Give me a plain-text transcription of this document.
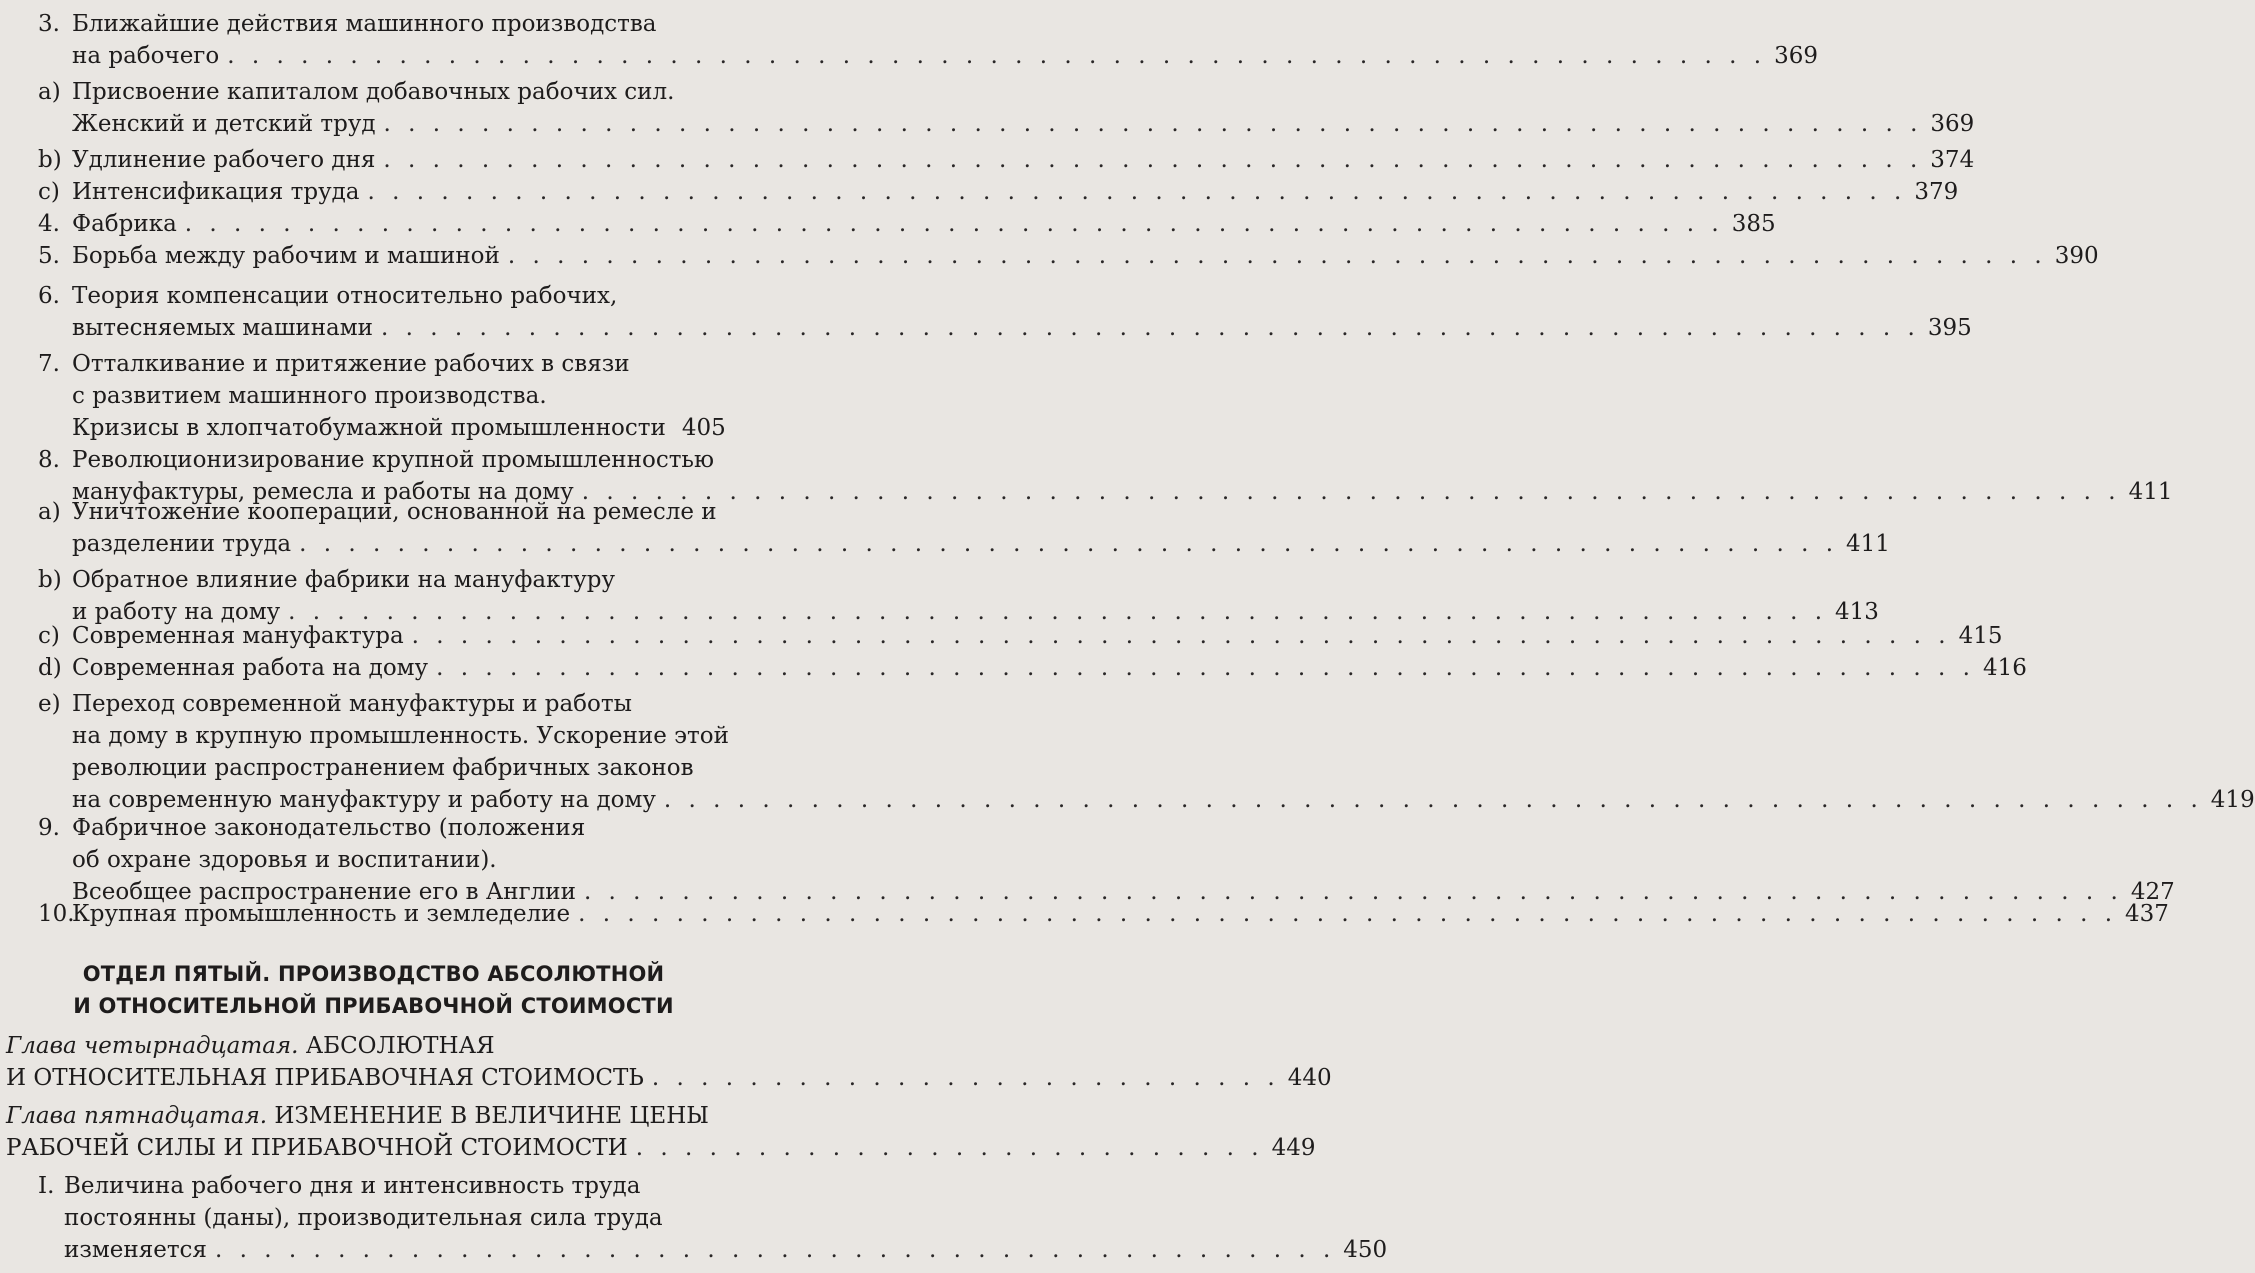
3. Ближайшие действия машинного производства
на рабочего . . . . . . . . . . . . . . . . . . . . . . . . . . . . . . . . . . . . . . . . . . . . . . . . . . . . . . . . . . . . . . . 369
a) Присвоение капиталом добавочных рабочих сил.
Женский и детский труд . . . . . . . . . . . . . . . . . . . . . . . . . . . . . . . . . . . . . . . . . . . . . . . . . . . . . . . . . . . . . . . 369
b) Удлинение рабочего дня . . . . . . . . . . . . . . . . . . . . . . . . . . . . . . . . . . . . . . . . . . . . . . . . . . . . . . . . . . . . . . . 374
c) Интенсификация труда . . . . . . . . . . . . . . . . . . . . . . . . . . . . . . . . . . . . . . . . . . . . . . . . . . . . . . . . . . . . . . . 379
4. Фабрика . . . . . . . . . . . . . . . . . . . . . . . . . . . . . . . . . . . . . . . . . . . . . . . . . . . . . . . . . . . . . . . 385
5. Борьба между рабочим и машиной . . . . . . . . . . . . . . . . . . . . . . . . . . . . . . . . . . . . . . . . . . . . . . . . . . . . . . . . . . . . . . . 390
6. Теория компенсации относительно рабочих,
вытесняемых машинами . . . . . . . . . . . . . . . . . . . . . . . . . . . . . . . . . . . . . . . . . . . . . . . . . . . . . . . . . . . . . . . 395
7. Отталкивание и притяжение рабочих в связи
с развитием машинного производства.
Кризисы в хлопчатобумажной промышленности 405
8. Революционизирование крупной промышленностью
мануфактуры, ремесла и работы на дому . . . . . . . . . . . . . . . . . . . . . . . . . . . . . . . . . . . . . . . . . . . . . . . . . . . . . . . . . . . . . . . 411
a) Уничтожение кооперации, основанной на ремесле и
разделении труда . . . . . . . . . . . . . . . . . . . . . . . . . . . . . . . . . . . . . . . . . . . . . . . . . . . . . . . . . . . . . . . 411
b) Обратное влияние фабрики на мануфактуру
и работу на дому . . . . . . . . . . . . . . . . . . . . . . . . . . . . . . . . . . . . . . . . . . . . . . . . . . . . . . . . . . . . . . . 413
c) Современная мануфактура . . . . . . . . . . . . . . . . . . . . . . . . . . . . . . . . . . . . . . . . . . . . . . . . . . . . . . . . . . . . . . . 415
d) Современная работа на дому . . . . . . . . . . . . . . . . . . . . . . . . . . . . . . . . . . . . . . . . . . . . . . . . . . . . . . . . . . . . . . . 416
e) Переход современной мануфактуры и работы
на дому в крупную промышленность. Ускорение этой
революции распространением фабричных законов
на современную мануфактуру и работу на дому . . . . . . . . . . . . . . . . . . . . . . . . . . . . . . . . . . . . . . . . . . . . . . . . . . . . . . . . . . . . . . . 419
9. Фабричное законодательство (положения
об охране здоровья и воспитании).
Всеобщее распространение его в Англии . . . . . . . . . . . . . . . . . . . . . . . . . . . . . . . . . . . . . . . . . . . . . . . . . . . . . . . . . . . . . . . 427
10.
Крупная промышленность и земледелие . . . . . . . . . . . . . . . . . . . . . . . . . . . . . . . . . . . . . . . . . . . . . . . . . . . . . . . . . . . . . . . 437
ОТДЕЛ ПЯТЫЙ. ПРОИЗВОДСТВО АБСОЛЮТНОЙ
И ОТНОСИТЕЛЬНОЙ ПРИБАВОЧНОЙ СТОИМОСТИ
Глава четырнадцатая. АБСОЛЮТНАЯ
И ОТНОСИТЕЛЬНАЯ ПРИБАВОЧНАЯ СТОИМОСТЬ . . . . . . . . . . . . . . . . . . . . . . . . . . 440
Глава пятнадцатая. ИЗМЕНЕНИЕ В ВЕЛИЧИНЕ ЦЕНЫ
РАБОЧЕЙ СИЛЫ И ПРИБАВОЧНОЙ СТОИМОСТИ . . . . . . . . . . . . . . . . . . . . . . . . . . 449
I. Величина рабочего дня и интенсивность труда
постоянны (даны), производительная сила труда
изменяется . . . . . . . . . . . . . . . . . . . . . . . . . . . . . . . . . . . . . . . . . . . . . . 450
